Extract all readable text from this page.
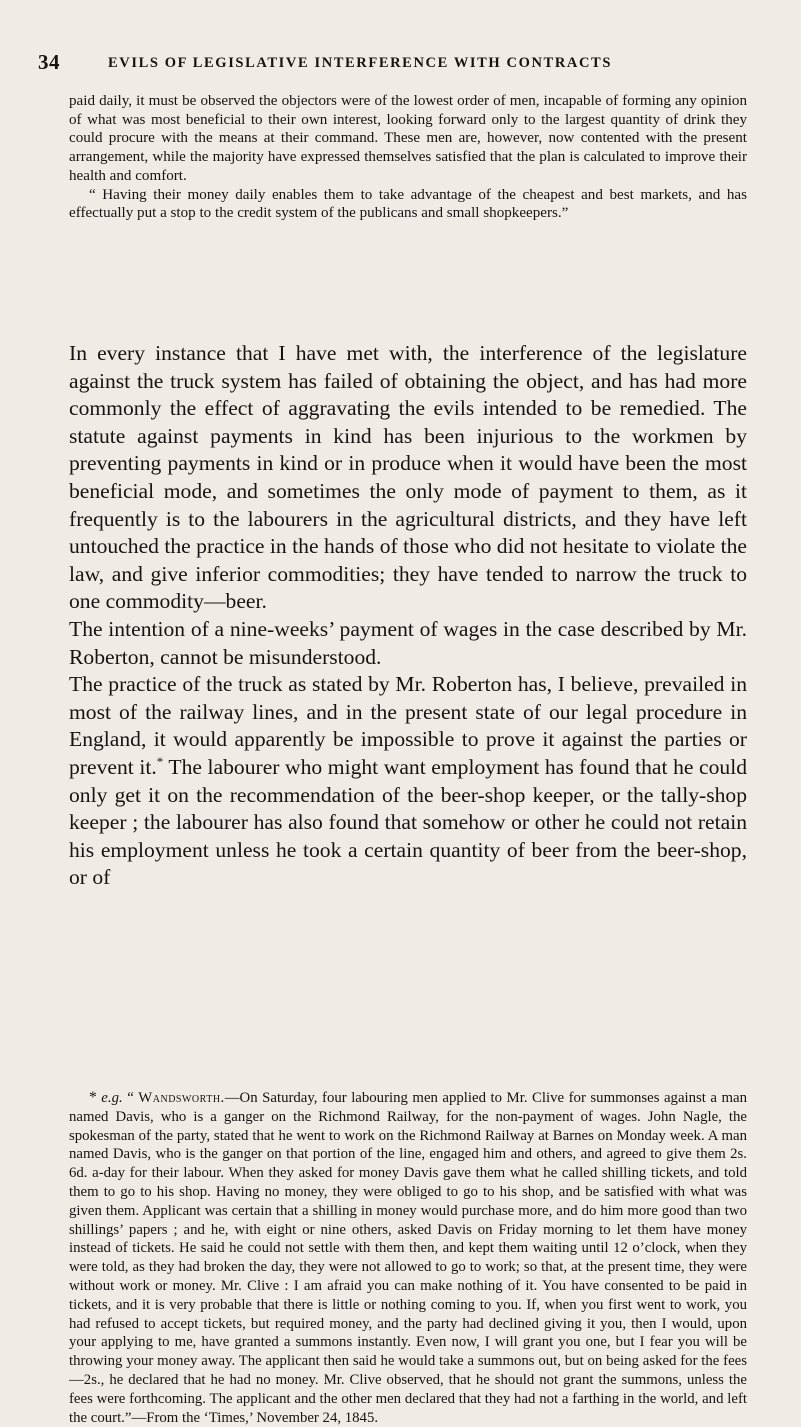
34	EVILS OF LEGISLATIVE INTERFERENCE WITH CONTRACTS

paid daily, it must be observed the objectors were of the lowest order of men, incapable of forming any opinion of what was most beneficial to their own interest, looking forward only to the largest quantity of drink they could procure with the means at their command. These men are, however, now contented with the present arrangement, while the majority have expressed themselves satisfied that the plan is calculated to improve their health and comfort.

“ Having their money daily enables them to take advantage of the cheapest and best markets, and has effectually put a stop to the credit system of the publicans and small shopkeepers.”

In every instance that I have met with, the interference of the legislature against the truck system has failed of obtaining the object, and has had more commonly the effect of aggravating the evils intended to be remedied. The statute against payments in kind has been injurious to the workmen by preventing payments in kind or in produce when it would have been the most beneficial mode, and sometimes the only mode of payment to them, as it frequently is to the labourers in the agricultural districts, and they have left untouched the practice in the hands of those who did not hesitate to violate the law, and give inferior commodities; they have tended to narrow the truck to one commodity—beer.

The intention of a nine-weeks’ payment of wages in the case described by Mr. Roberton, cannot be misunderstood.

The practice of the truck as stated by Mr. Roberton has, I believe, prevailed in most of the railway lines, and in the present state of our legal procedure in England, it would apparently be impossible to prove it against the parties or prevent it.* The labourer who might want employment has found that he could only get it on the recommendation of the beer-shop keeper, or the tally-shop keeper ; the labourer has also found that somehow or other he could not retain his employment unless he took a certain quantity of beer from the beer-shop, or of

* e.g. “ Wandsworth.—On Saturday, four labouring men applied to Mr. Clive for summonses against a man named Davis, who is a ganger on the Richmond Railway, for the non-payment of wages. John Nagle, the spokesman of the party, stated that he went to work on the Richmond Railway at Barnes on Monday week. A man named Davis, who is the ganger on that portion of the line, engaged him and others, and agreed to give them 2s. 6d. a-day for their labour. When they asked for money Davis gave them what he called shilling tickets, and told them to go to his shop. Having no money, they were obliged to go to his shop, and be satisfied with what was given them. Applicant was certain that a shilling in money would purchase more, and do him more good than two shillings’ papers ; and he, with eight or nine others, asked Davis on Friday morning to let them have money instead of tickets. He said he could not settle with them then, and kept them waiting until 12 o’clock, when they were told, as they had broken the day, they were not allowed to go to work; so that, at the present time, they were without work or money. Mr. Clive : I am afraid you can make nothing of it. You have consented to be paid in tickets, and it is very probable that there is little or nothing coming to you. If, when you first went to work, you had refused to accept tickets, but required money, and the party had declined giving it you, then I would, upon your applying to me, have granted a summons instantly. Even now, I will grant you one, but I fear you will be throwing your money away. The applicant then said he would take a summons out, but on being asked for the fees—2s., he declared that he had no money. Mr. Clive observed, that he should not grant the summons, unless the fees were forthcoming. The applicant and the other men declared that they had not a farthing in the world, and left the court.”—From the ‘Times,’ November 24, 1845.
